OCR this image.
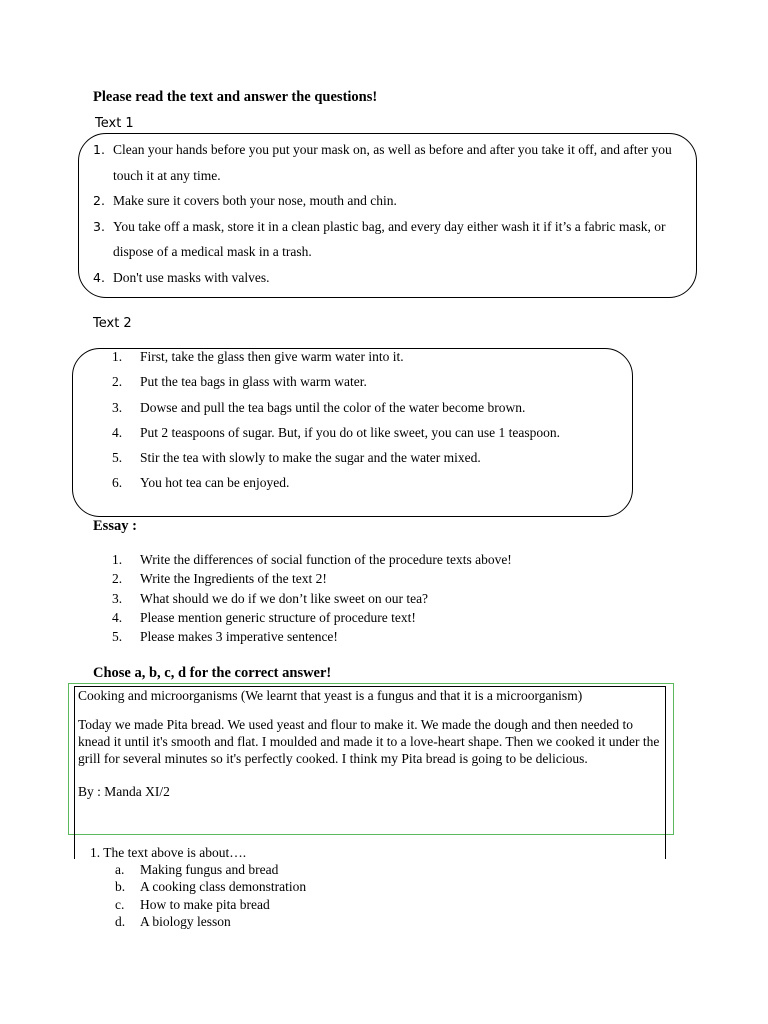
Please read the text and answer the questions!
Text 1
1. Clean your hands before you put your mask on, as well as before and after you take it off, and after you touch it at any time.
2. Make sure it covers both your nose, mouth and chin.
3. You take off a mask, store it in a clean plastic bag, and every day either wash it if it’s a fabric mask, or dispose of a medical mask in a trash.
4. Don't use masks with valves.
Text 2
1. First, take the glass then give warm water into it.
2. Put the tea bags in glass with warm water.
3. Dowse and pull the tea bags until the color of the water become brown.
4. Put 2 teaspoons of sugar. But, if you do ot like sweet, you can use 1 teaspoon.
5. Stir the tea with slowly to make the sugar and the water mixed.
6. You hot tea can be enjoyed.
Essay :
1. Write the differences of social function of the procedure texts above!
2. Write the Ingredients of the text 2!
3. What should we do if we don’t like sweet on our tea?
4. Please mention generic structure of procedure text!
5. Please makes 3 imperative sentence!
Chose a, b, c, d for the correct answer!

Cooking and microorganisms (We learnt that yeast is a fungus and that it is a microorganism)

Today we made Pita bread. We used yeast and flour to make it. We made the dough and then needed to knead it until it's smooth and flat. I moulded and made it to a love-heart shape. Then we cooked it under the grill for several minutes so it's perfectly cooked. I think my Pita bread is going to be delicious.

By : Manda XI/2

1. The text above is about….
a. Making fungus and bread
b. A cooking class demonstration
c. How to make pita bread
d. A biology lesson
